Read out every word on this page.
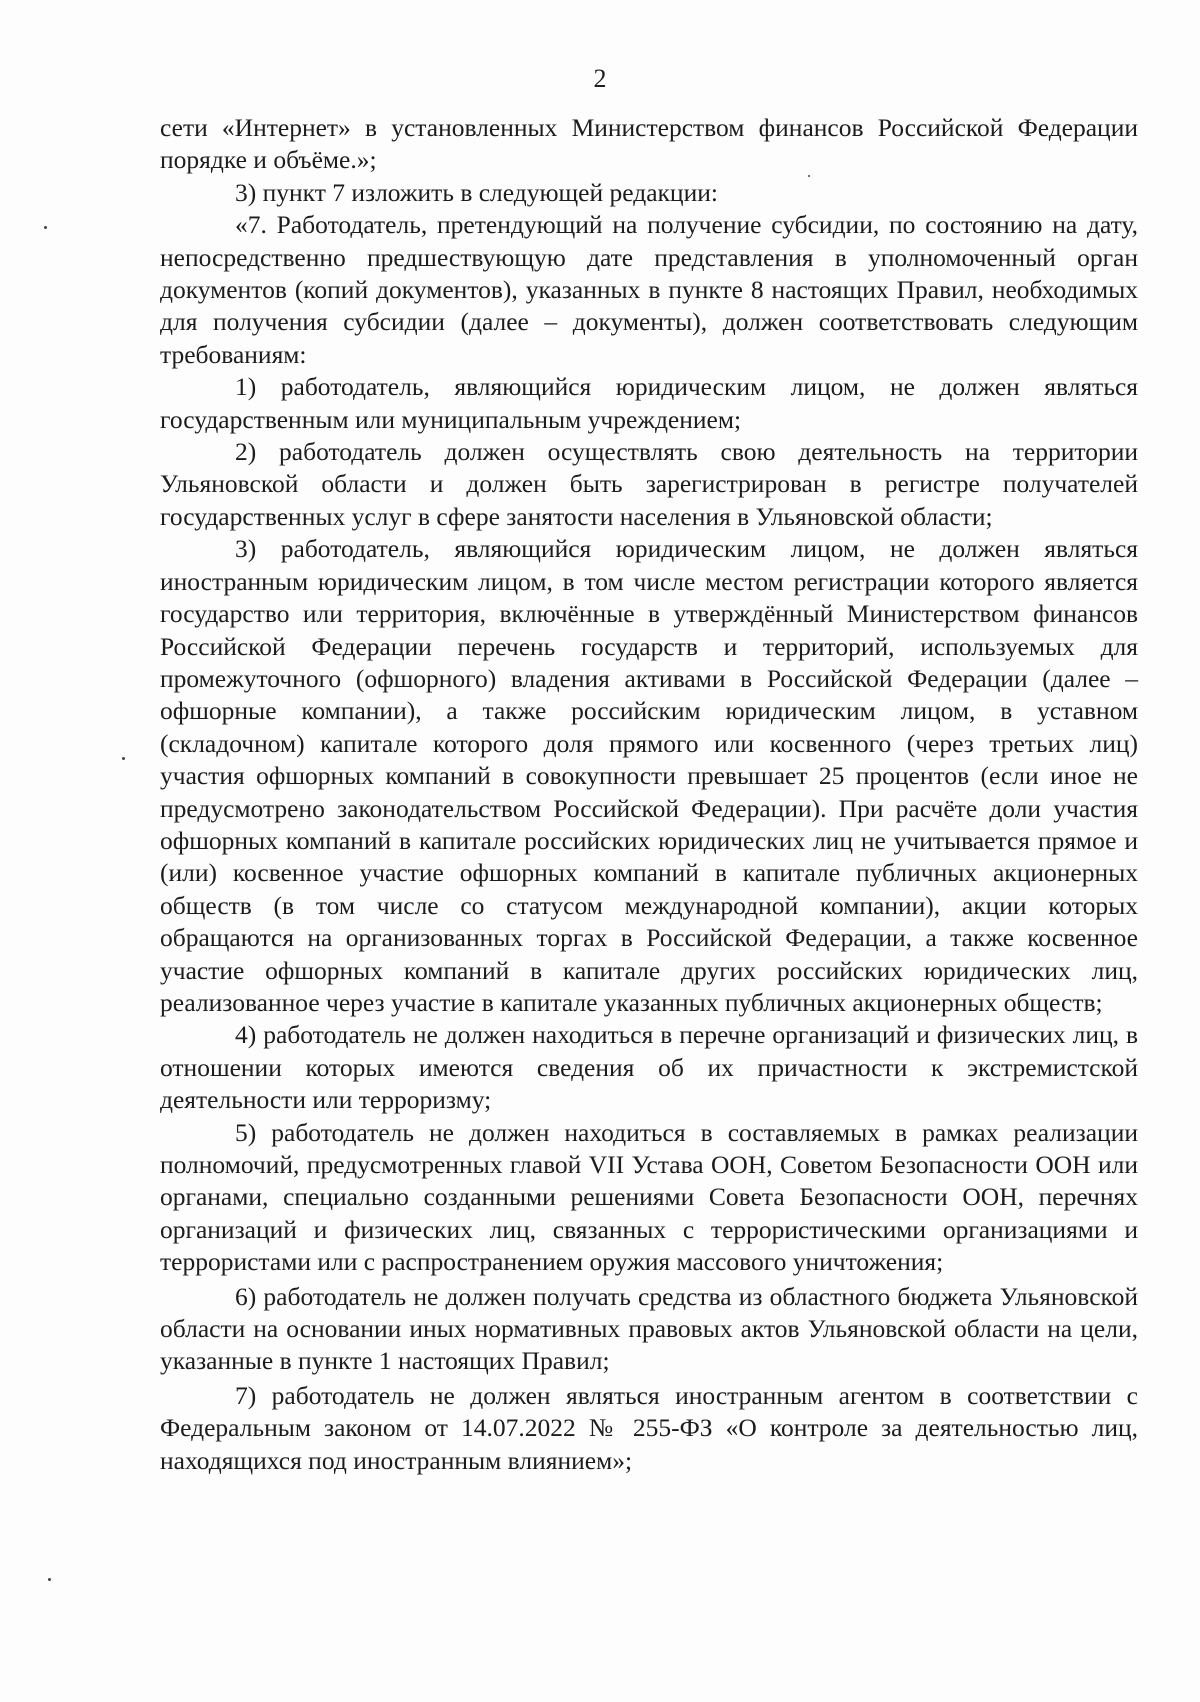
2

сети «Интернет» в установленных Министерством финансов Российской Федерации порядке и объёме.»;

3) пункт 7 изложить в следующей редакции:

«7. Работодатель, претендующий на получение субсидии, по состоянию на дату, непосредственно предшествующую дате представления в уполномоченный орган документов (копий документов), указанных в пункте 8 настоящих Правил, необходимых для получения субсидии (далее – документы), должен соответствовать следующим требованиям:

1) работодатель, являющийся юридическим лицом, не должен являться государственным или муниципальным учреждением;

2) работодатель должен осуществлять свою деятельность на территории Ульяновской области и должен быть зарегистрирован в регистре получателей государственных услуг в сфере занятости населения в Ульяновской области;

3) работодатель, являющийся юридическим лицом, не должен являться иностранным юридическим лицом, в том числе местом регистрации которого является государство или территория, включённые в утверждённый Министерством финансов Российской Федерации перечень государств и территорий, используемых для промежуточного (офшорного) владения активами в Российской Федерации (далее – офшорные компании), а также российским юридическим лицом, в уставном (складочном) капитале которого доля прямого или косвенного (через третьих лиц) участия офшорных компаний в совокупности превышает 25 процентов (если иное не предусмотрено законодательством Российской Федерации). При расчёте доли участия офшорных компаний в капитале российских юридических лиц не учитывается прямое и (или) косвенное участие офшорных компаний в капитале публичных акционерных обществ (в том числе со статусом международной компании), акции которых обращаются на организованных торгах в Российской Федерации, а также косвенное участие офшорных компаний в капитале других российских юридических лиц, реализованное через участие в капитале указанных публичных акционерных обществ;

4) работодатель не должен находиться в перечне организаций и физических лиц, в отношении которых имеются сведения об их причастности к экстремистской деятельности или терроризму;

5) работодатель не должен находиться в составляемых в рамках реализации полномочий, предусмотренных главой VII Устава ООН, Советом Безопасности ООН или органами, специально созданными решениями Совета Безопасности ООН, перечнях организаций и физических лиц, связанных с террористическими организациями и террористами или с распространением оружия массового уничтожения;

6) работодатель не должен получать средства из областного бюджета Ульяновской области на основании иных нормативных правовых актов Ульяновской области на цели, указанные в пункте 1 настоящих Правил;

7) работодатель не должен являться иностранным агентом в соответствии с Федеральным законом от 14.07.2022 № 255-ФЗ «О контроле за деятельностью лиц, находящихся под иностранным влиянием»;
